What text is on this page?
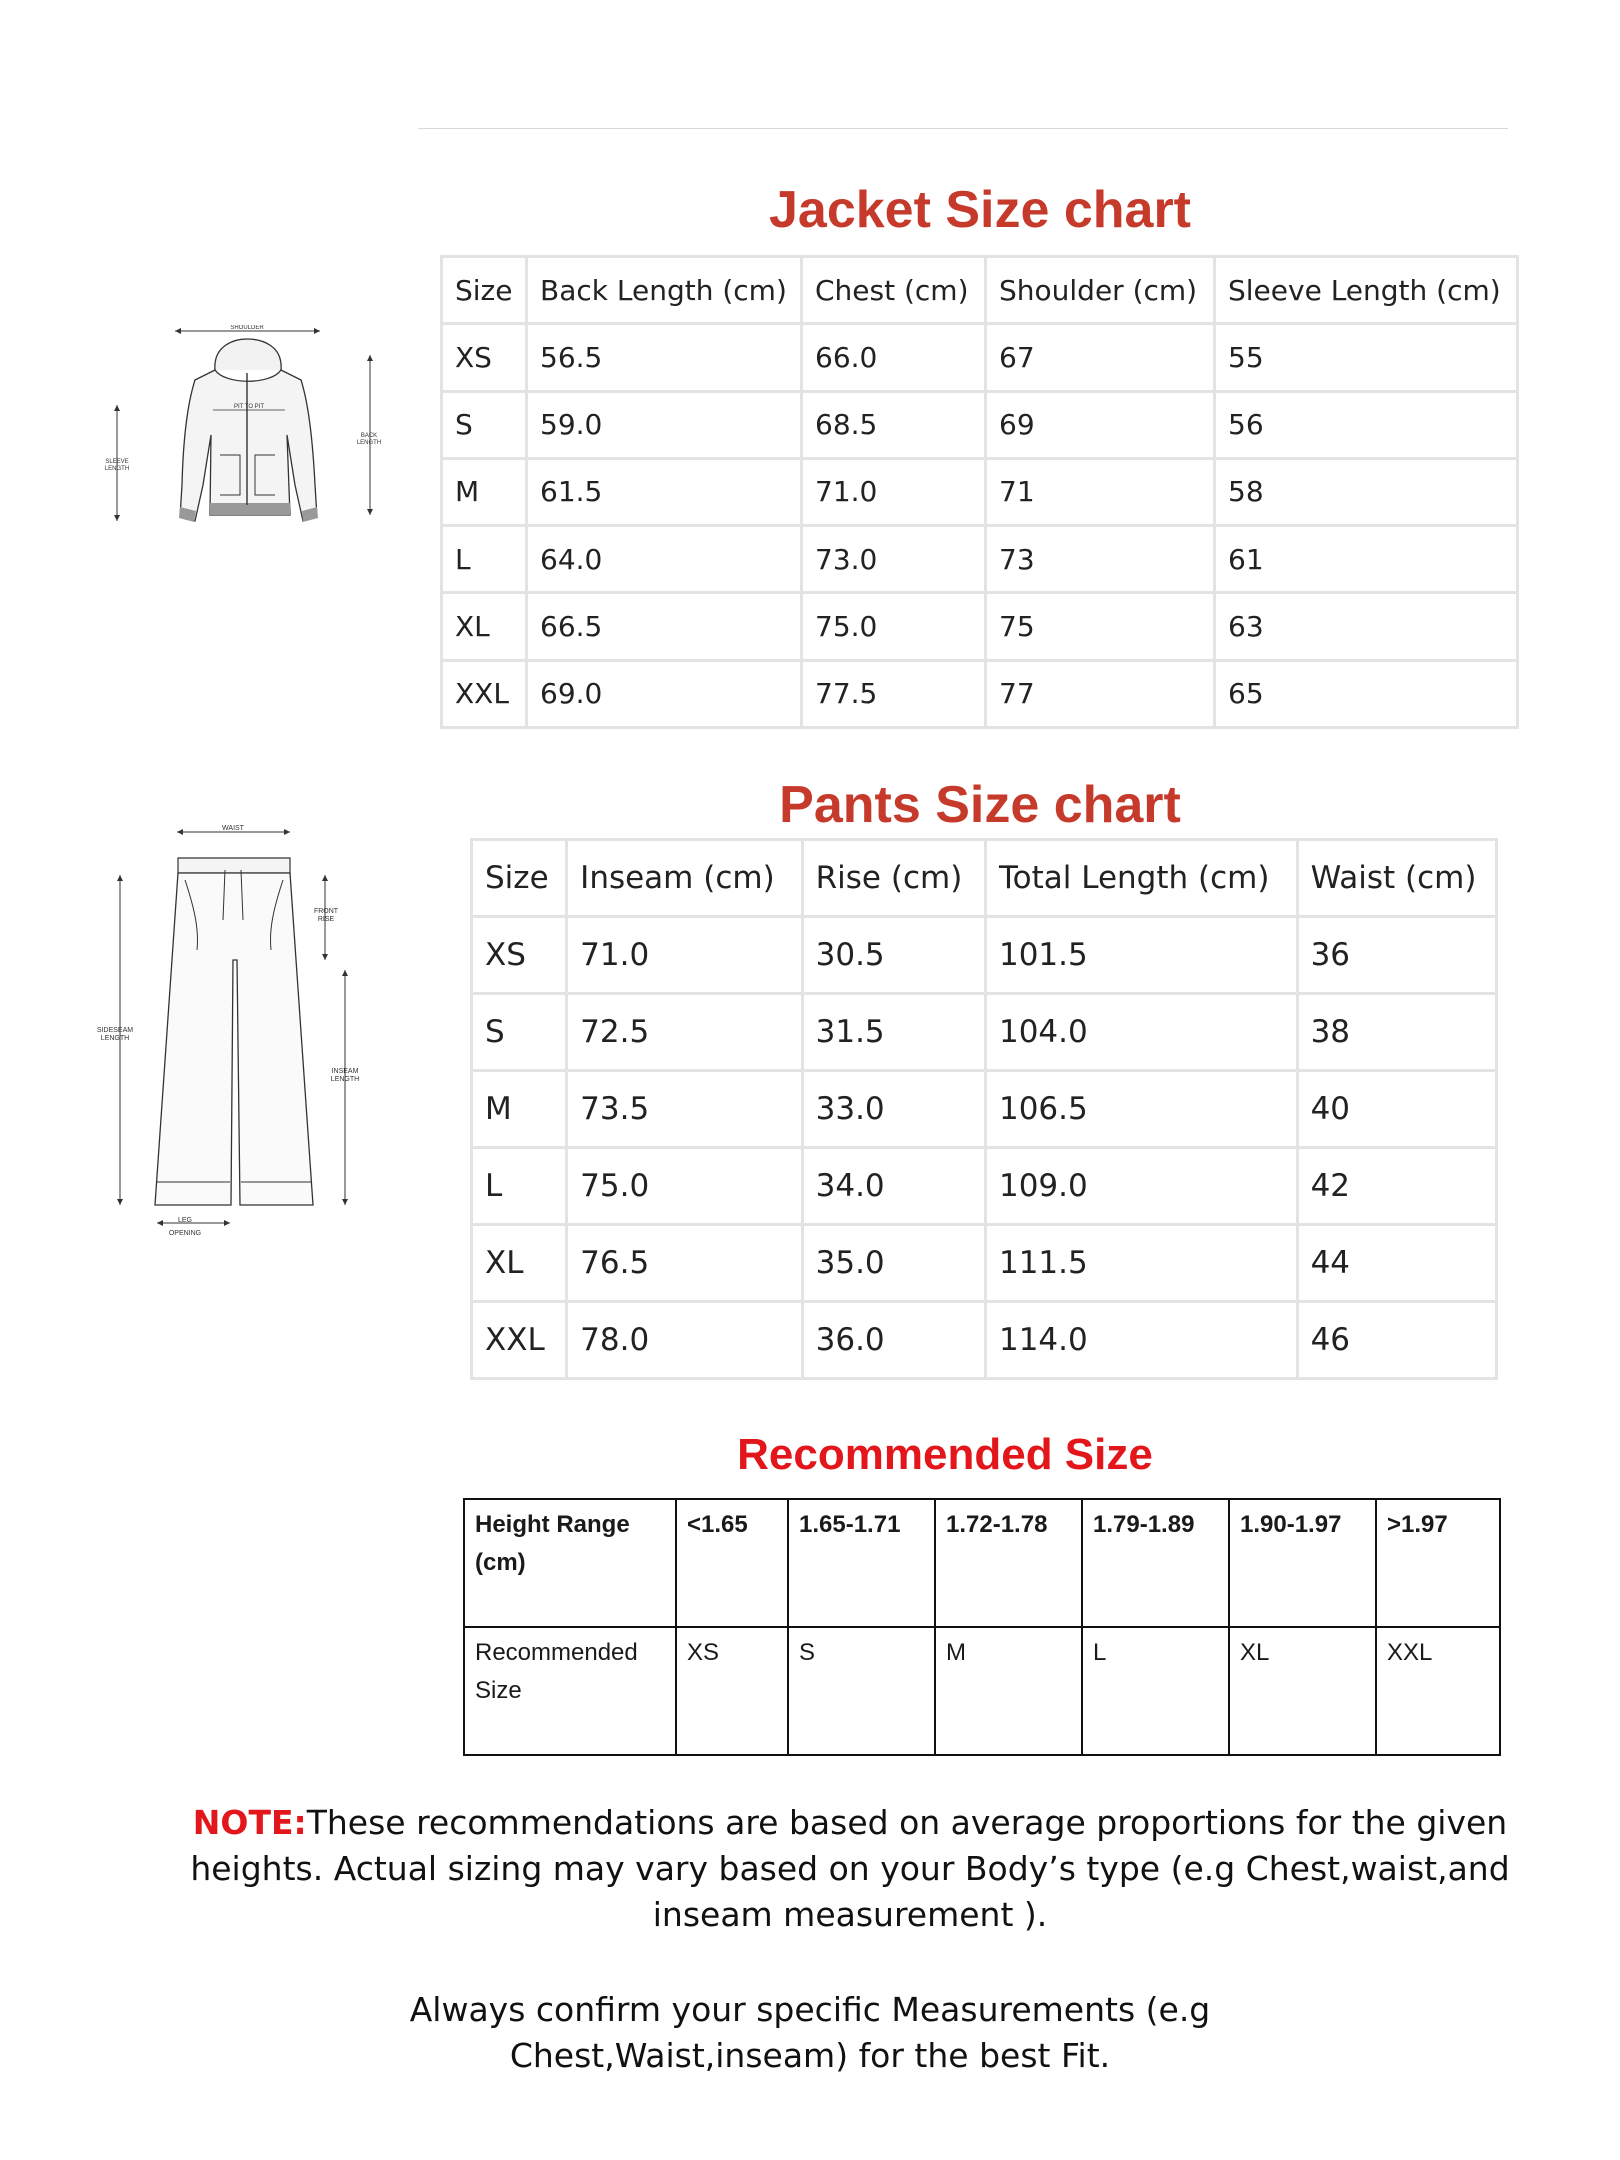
SHOULDER
PIT TO PIT
BACK
LENGTH
SLEEVE
LENGTH
Jacket Size chart
Size	Back Length (cm)	Chest (cm)	Shoulder (cm)	Sleeve Length (cm)
XS	56.5	66.0	67	55
S	59.0	68.5	69	56
M	61.5	71.0	71	58
L	64.0	73.0	73	61
XL	66.5	75.0	75	63
XXL	69.0	77.5	77	65
WAIST
FRONT
RISE
INSEAM
LENGTH
SIDESEAM
LENGTH
LEG
OPENING
Pants Size chart
Size	Inseam (cm)	Rise (cm)	Total Length (cm)	Waist (cm)
XS	71.0	30.5	101.5	36
S	72.5	31.5	104.0	38
M	73.5	33.0	106.5	40
L	75.0	34.0	109.0	42
XL	76.5	35.0	111.5	44
XXL	78.0	36.0	114.0	46
Recommended Size
Height Range
(cm)	<1.65	1.65-1.71	1.72-1.78	1.79-1.89	1.90-1.97	>1.97
Recommended
Size	XS	S	M	L	XL	XXL

NOTE:These recommendations are based on average proportions for the given heights. Actual sizing may vary based on your Body’s type (e.g Chest,waist,and inseam measurement ).

Always confirm your specific Measurements (e.g Chest,Waist,inseam) for the best Fit.
